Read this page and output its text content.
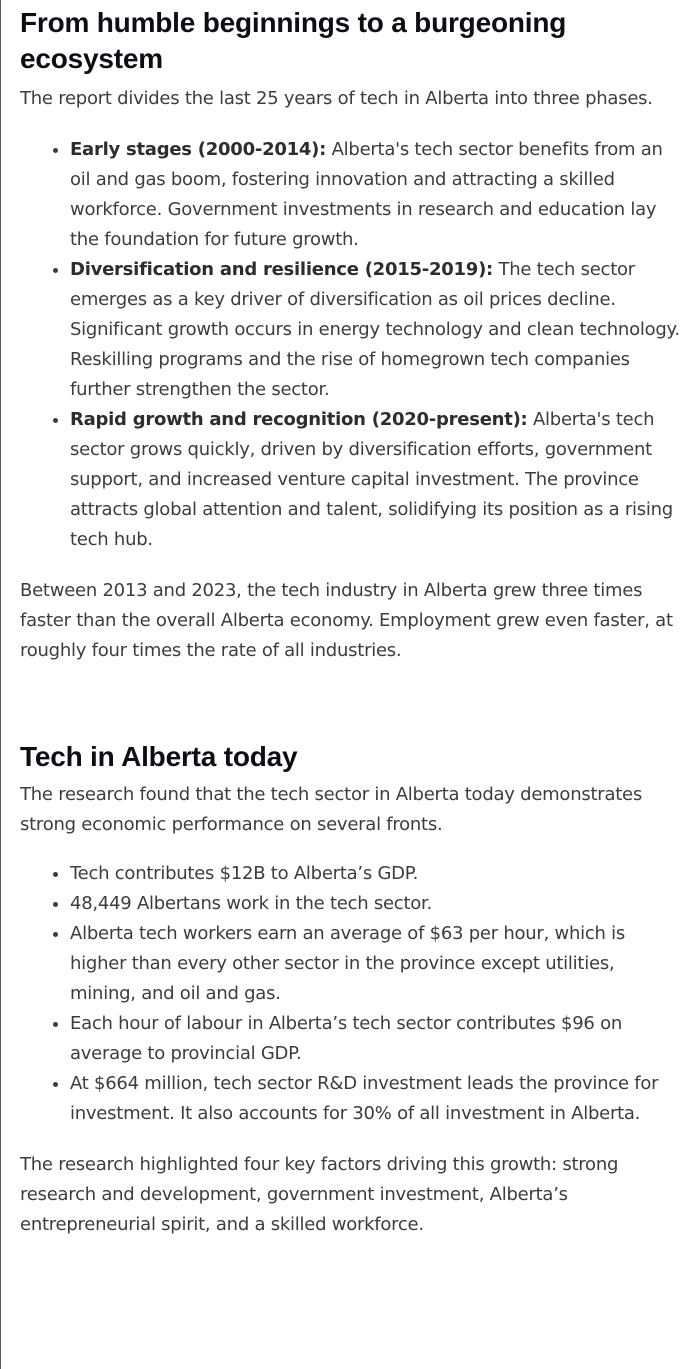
From humble beginnings to a burgeoning ecosystem

The report divides the last 25 years of tech in Alberta into three phases.

• Early stages (2000-2014): Alberta's tech sector benefits from an oil and gas boom, fostering innovation and attracting a skilled workforce. Government investments in research and education lay the foundation for future growth.
• Diversification and resilience (2015-2019): The tech sector emerges as a key driver of diversification as oil prices decline. Significant growth occurs in energy technology and clean technology. Reskilling programs and the rise of homegrown tech companies further strengthen the sector.
• Rapid growth and recognition (2020-present): Alberta's tech sector grows quickly, driven by diversification efforts, government support, and increased venture capital investment. The province attracts global attention and talent, solidifying its position as a rising tech hub.

Between 2013 and 2023, the tech industry in Alberta grew three times faster than the overall Alberta economy. Employment grew even faster, at roughly four times the rate of all industries.

Tech in Alberta today

The research found that the tech sector in Alberta today demonstrates strong economic performance on several fronts.

• Tech contributes $12B to Alberta’s GDP.
• 48,449 Albertans work in the tech sector.
• Alberta tech workers earn an average of $63 per hour, which is higher than every other sector in the province except utilities, mining, and oil and gas.
• Each hour of labour in Alberta’s tech sector contributes $96 on average to provincial GDP.
• At $664 million, tech sector R&D investment leads the province for investment. It also accounts for 30% of all investment in Alberta.

The research highlighted four key factors driving this growth: strong research and development, government investment, Alberta’s entrepreneurial spirit, and a skilled workforce.
